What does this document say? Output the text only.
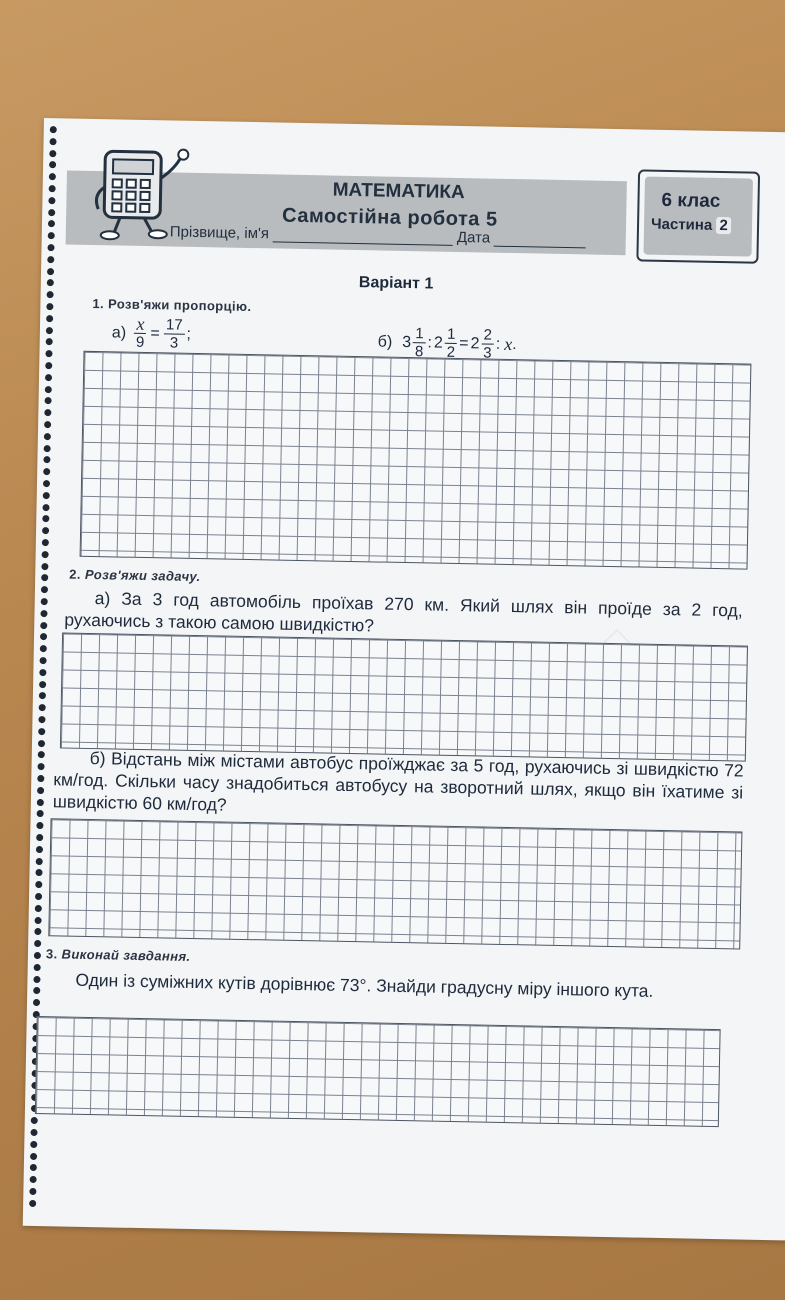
МАТЕМАТИКА
Самостійна робота 5
Прізвище, ім'я	Дата
6 клас
Частина 2
Варіант 1
1. Розв'яжи пропорцію.
$а) \frac{x}{9} = \frac{17}{3}$ ;	б) $3 \frac{1}{8}$ : $2 \frac{1}{2} = 2 \frac{2}{3}$ : x .
2. Розв'яжи задачу.
а) За 3 год автомобіль проїхав 270 км. Який шлях він проїде за 2 год, рухаючись з такою самою швидкістю?
б) Відстань між містами автобус проїжджає за 5 год, рухаючись зі швидкістю 72 км/год. Скільки часу знадобиться автобусу на зворотний шлях, якщо він їхатиме зі швидкістю 60 км/год?
3. Виконай завдання.
Один із суміжних кутів дорівнює 73°. Знайди градусну міру іншого кута.
